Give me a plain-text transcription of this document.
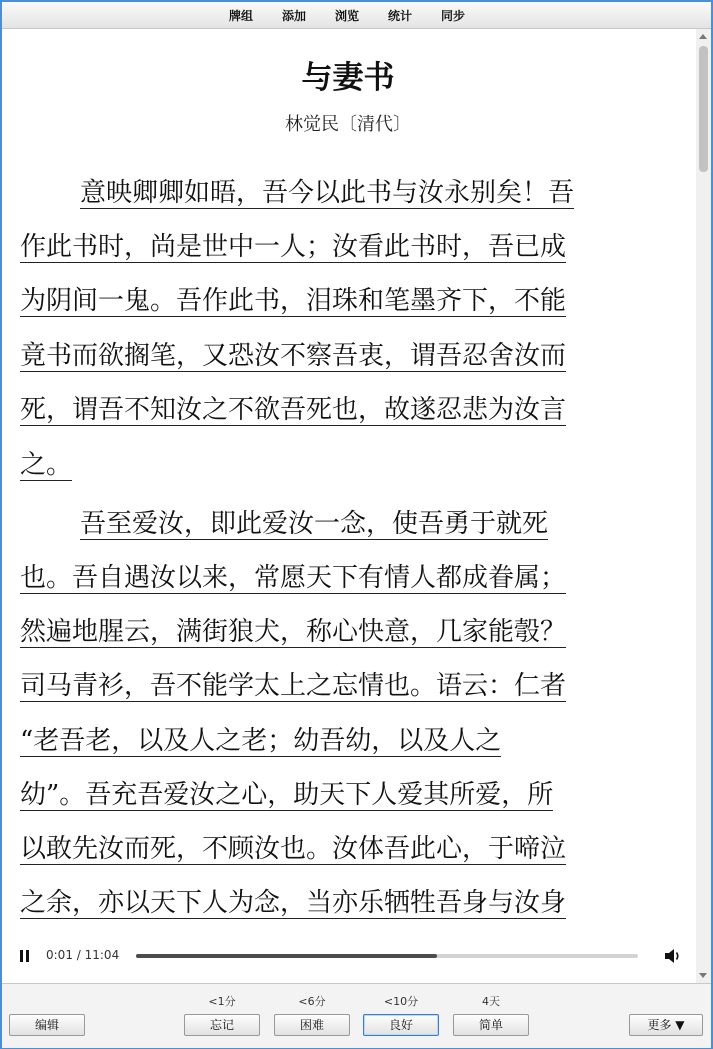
牌组 添加 浏览 统计 同步
与妻书
林觉民〔清代〕
意映卿卿如晤，吾今以此书与汝永别矣！吾
作此书时，尚是世中一人；汝看此书时，吾已成
为阴间一鬼。吾作此书，泪珠和笔墨齐下，不能
竟书而欲搁笔，又恐汝不察吾衷，谓吾忍舍汝而
死，谓吾不知汝之不欲吾死也，故遂忍悲为汝言
之。
吾至爱汝，即此爱汝一念，使吾勇于就死
也。吾自遇汝以来，常愿天下有情人都成眷属；
然遍地腥云，满街狼犬，称心快意，几家能彀？
司马青衫，吾不能学太上之忘情也。语云：仁者
“老吾老，以及人之老；幼吾幼，以及人之
幼”。吾充吾爱汝之心，助天下人爱其所爱，所
以敢先汝而死，不顾汝也。汝体吾此心，于啼泣
之余，亦以天下人为念，当亦乐牺牲吾身与汝身
0:01 / 11:04
编辑
<1分
忘记
<6分
困难
<10分
良好
4天
简单	更多 ▼
